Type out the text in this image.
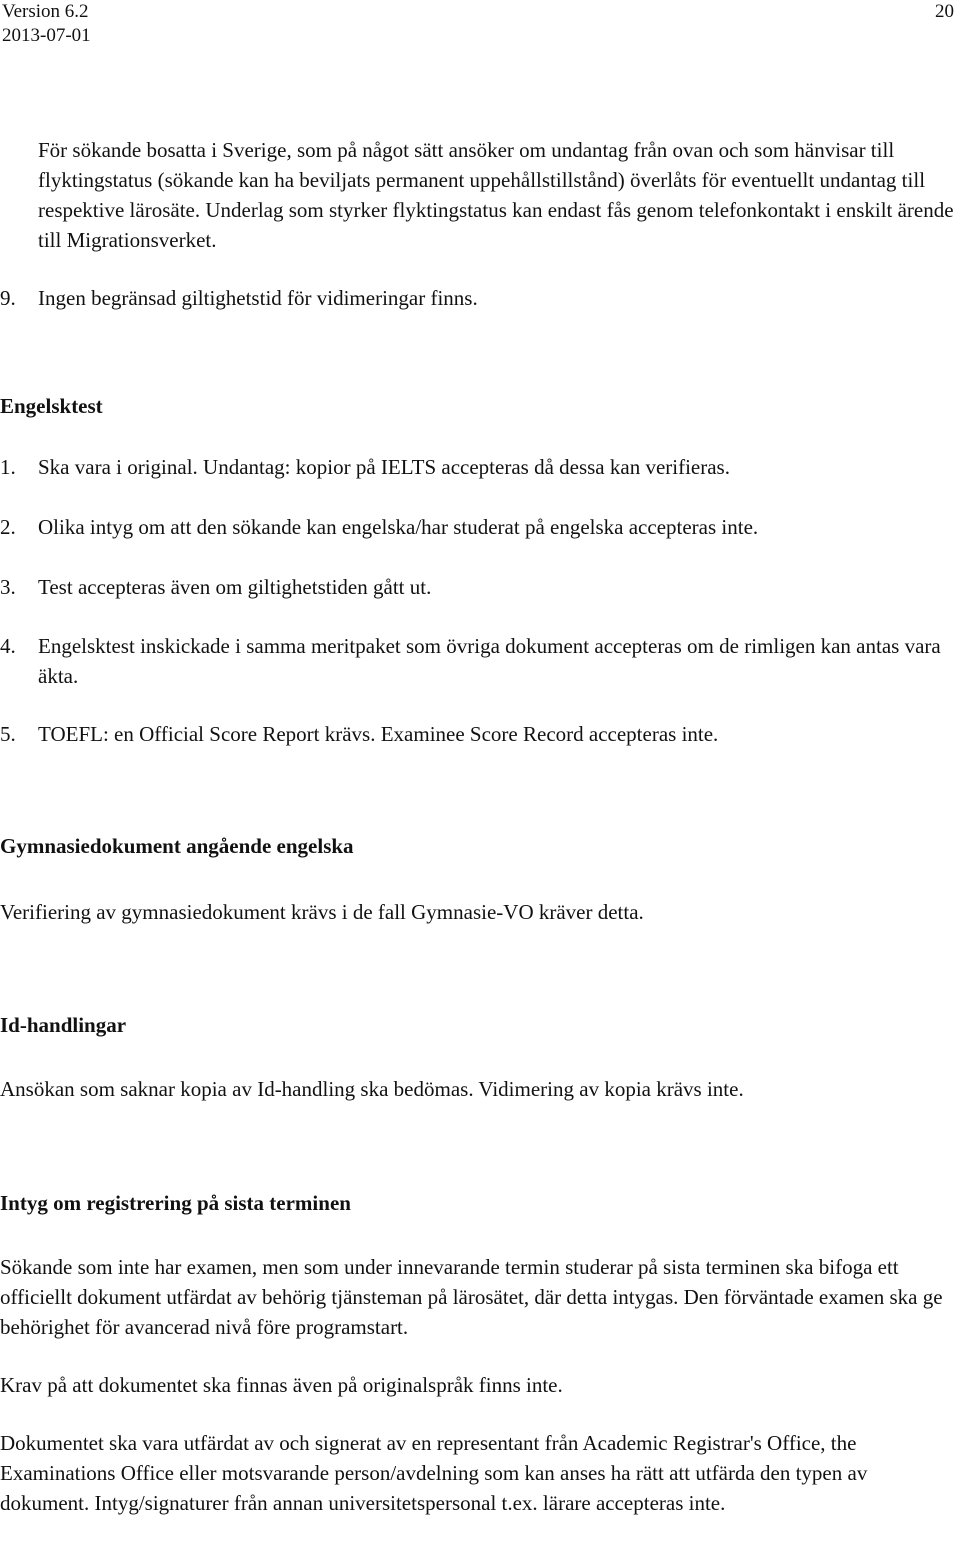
Version 6.2
2013-07-01
20

För sökande bosatta i Sverige, som på något sätt ansöker om undantag från ovan och som hänvisar till flyktingstatus (sökande kan ha beviljats permanent uppehållstillstånd) överlåts för eventuellt undantag till respektive lärosäte. Underlag som styrker flyktingstatus kan endast fås genom telefonkontakt i enskilt ärende till Migrationsverket.

9. Ingen begränsad giltighetstid för vidimeringar finns.
Engelsktest
1. Ska vara i original. Undantag: kopior på IELTS accepteras då dessa kan verifieras.
2. Olika intyg om att den sökande kan engelska/har studerat på engelska accepteras inte.
3. Test accepteras även om giltighetstiden gått ut.
4. Engelsktest inskickade i samma meritpaket som övriga dokument accepteras om de rimligen kan antas vara äkta.
5. TOEFL: en Official Score Report krävs. Examinee Score Record accepteras inte.
Gymnasiedokument angående engelska

Verifiering av gymnasiedokument krävs i de fall Gymnasie-VO kräver detta.

Id-handlingar

Ansökan som saknar kopia av Id-handling ska bedömas. Vidimering av kopia krävs inte.

Intyg om registrering på sista terminen

Sökande som inte har examen, men som under innevarande termin studerar på sista terminen ska bifoga ett officiellt dokument utfärdat av behörig tjänsteman på lärosätet, där detta intygas. Den förväntade examen ska ge behörighet för avancerad nivå före programstart.

Krav på att dokumentet ska finnas även på originalspråk finns inte.

Dokumentet ska vara utfärdat av och signerat av en representant från Academic Registrar's Office, the Examinations Office eller motsvarande person/avdelning som kan anses ha rätt att utfärda den typen av dokument. Intyg/signaturer från annan universitetspersonal t.ex. lärare accepteras inte.
